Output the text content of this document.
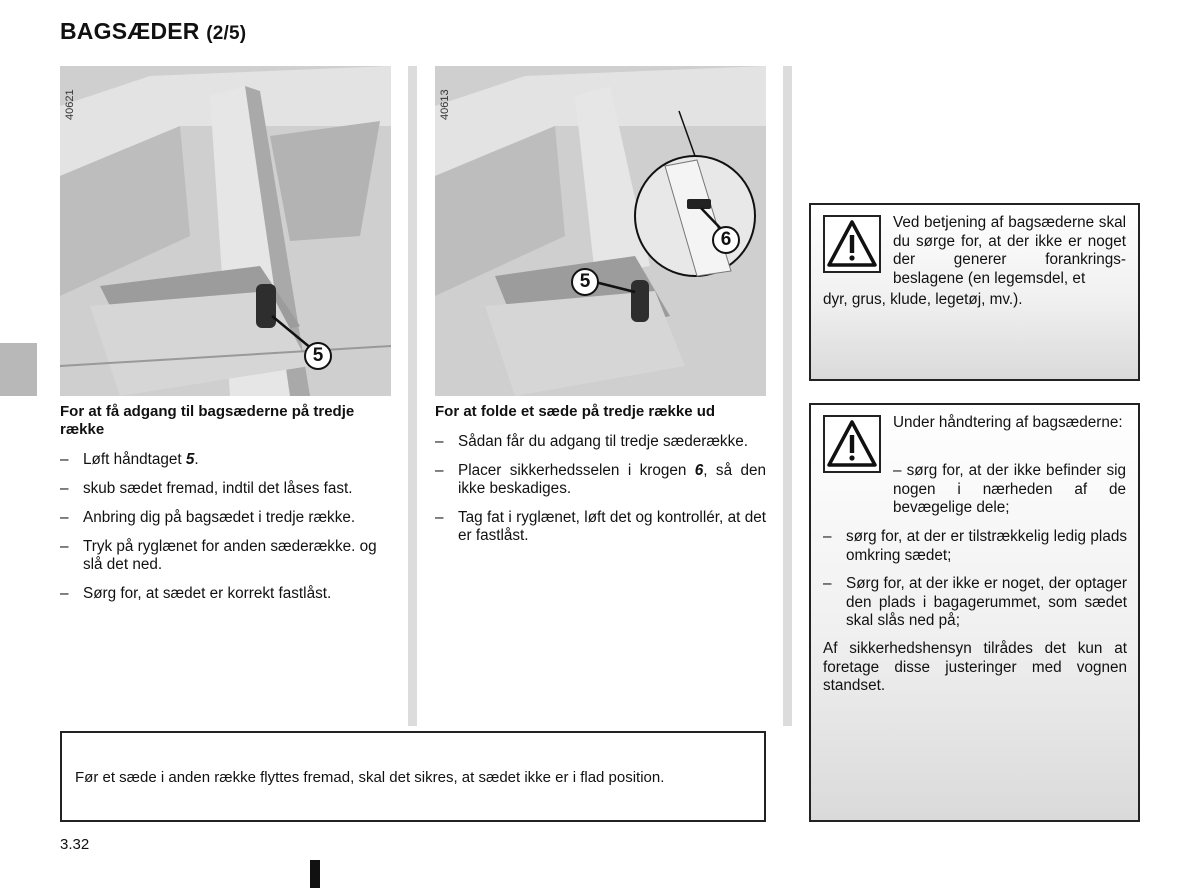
BAGSÆDER (2/5)
40621
5
40613
5
6
For at få adgang til bagsæderne på tredje række
– Løft håndtaget 5.
– skub sædet fremad, indtil det låses fast.
– Anbring dig på bagsædet i tredje række.
– Tryk på ryglænet for anden sæderække. og slå det ned.
– Sørg for, at sædet er korrekt fastlåst.
For at folde et sæde på tredje række ud
– Sådan får du adgang til tredje sæderække.
– Placer sikkerhedsselen i krogen 6, så den ikke beskadiges.
– Tag fat i ryglænet, løft det og kontrollér, at det er fastlåst.
Ved betjening af bagsæderne skal du sørge for, at der ikke er noget der generer forankrings-beslagene (en legemsdel, et
dyr, grus, klude, legetøj, mv.).
Under håndtering af bagsæderne:
– sørg for, at der ikke befinder sig nogen i nærheden af de bevægelige dele;
– sørg for, at der er tilstrækkelig ledig plads omkring sædet;
– Sørg for, at der ikke er noget, der optager den plads i bagagerummet, som sædet skal slås ned på;
Af sikkerhedshensyn tilrådes det kun at foretage disse justeringer med vognen standset.
Før et sæde i anden række flyttes fremad, skal det sikres, at sædet ikke er i flad position.
3.32
